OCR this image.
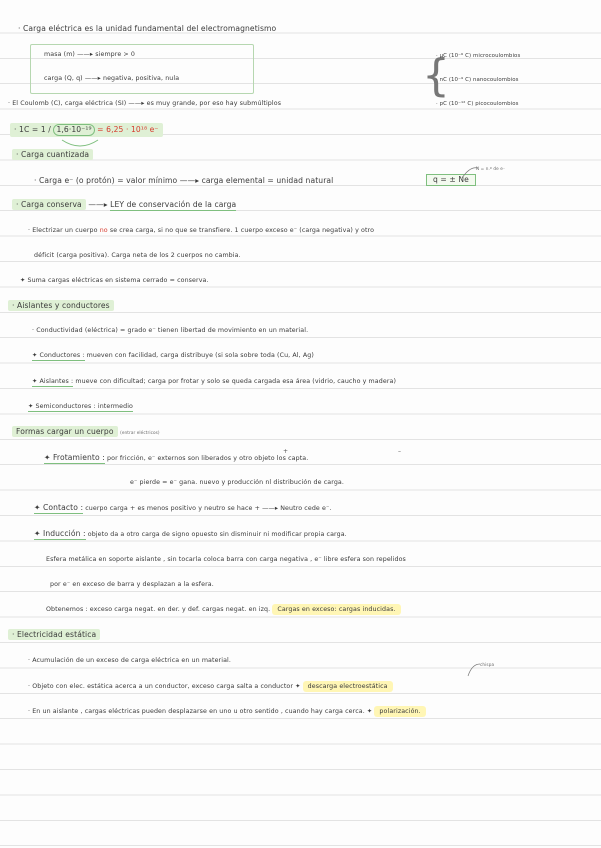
· Carga eléctrica es la unidad fundamental del electromagnetismo
masa (m) ——▸ siempre > 0
carga (Q, q) ——▸ negativa, positiva, nula	{
· μC (10⁻⁶ C) microcoulombios
· nC (10⁻⁹ C) nanocoulombios
· pC (10⁻¹² C) picocoulombios
· El Coulomb (C), carga eléctrica (SI) ——▸ es muy grande, por eso hay submúltiplos
· 1C = 1 / 1,6·10⁻¹⁹ = 6,25 · 10¹⁸ e⁻
· Carga cuantizada
· Carga e⁻ (o protón) = valor mínimo ——▸ carga elemental = unidad natural	q = ± Ne
N = n.º de e⁻
· Carga conserva ——▸ LEY de conservación de la carga
· Electrizar un cuerpo no se crea carga, si no que se transfiere. 1 cuerpo exceso e⁻ (carga negativa) y otro
déficit (carga positiva). Carga neta de los 2 cuerpos no cambia.
✦ Suma cargas eléctricas en sistema cerrado = conserva.
· Aislantes y conductores
· Conductividad (eléctrica) = grado e⁻ tienen libertad de movimiento en un material.
✦ Conductores : mueven con facilidad, carga distribuye (si sola sobre toda (Cu, Al, Ag)
✦ Aislantes : mueve con dificultad; carga por frotar y solo se queda cargada esa área (vidrio, caucho y madera)
✦ Semiconductores : intermedio
Formas cargar un cuerpo (entrar eléctricos)
✦ Frotamiento : por fricción, e⁻ externos son liberados y otro objeto los capta.
e⁻ pierde = e⁻ gana. nuevo y producción nl distribución de carga.
✦ Contacto : cuerpo carga + es menos positivo y neutro se hace + ——▸ Neutro cede e⁻.
✦ Inducción : objeto da a otro carga de signo opuesto sin disminuir ni modificar propia carga.
Esfera metálica en soporte aislante , sin tocarla coloca barra con carga negativa , e⁻ libre esfera son repelidos
por e⁻ en exceso de barra y desplazan a la esfera.
Obtenemos : exceso carga negat. en der. y def. cargas negat. en izq. Cargas en exceso: cargas inducidas.
· Electricidad estática
· Acumulación de un exceso de carga eléctrica en un material.
chispa
· Objeto con elec. estática acerca a un conductor, exceso carga salta a conductor ✦ descarga electroestática
· En un aislante , cargas eléctricas pueden desplazarse en uno u otro sentido , cuando hay carga cerca. ✦ polarización.
+	–
